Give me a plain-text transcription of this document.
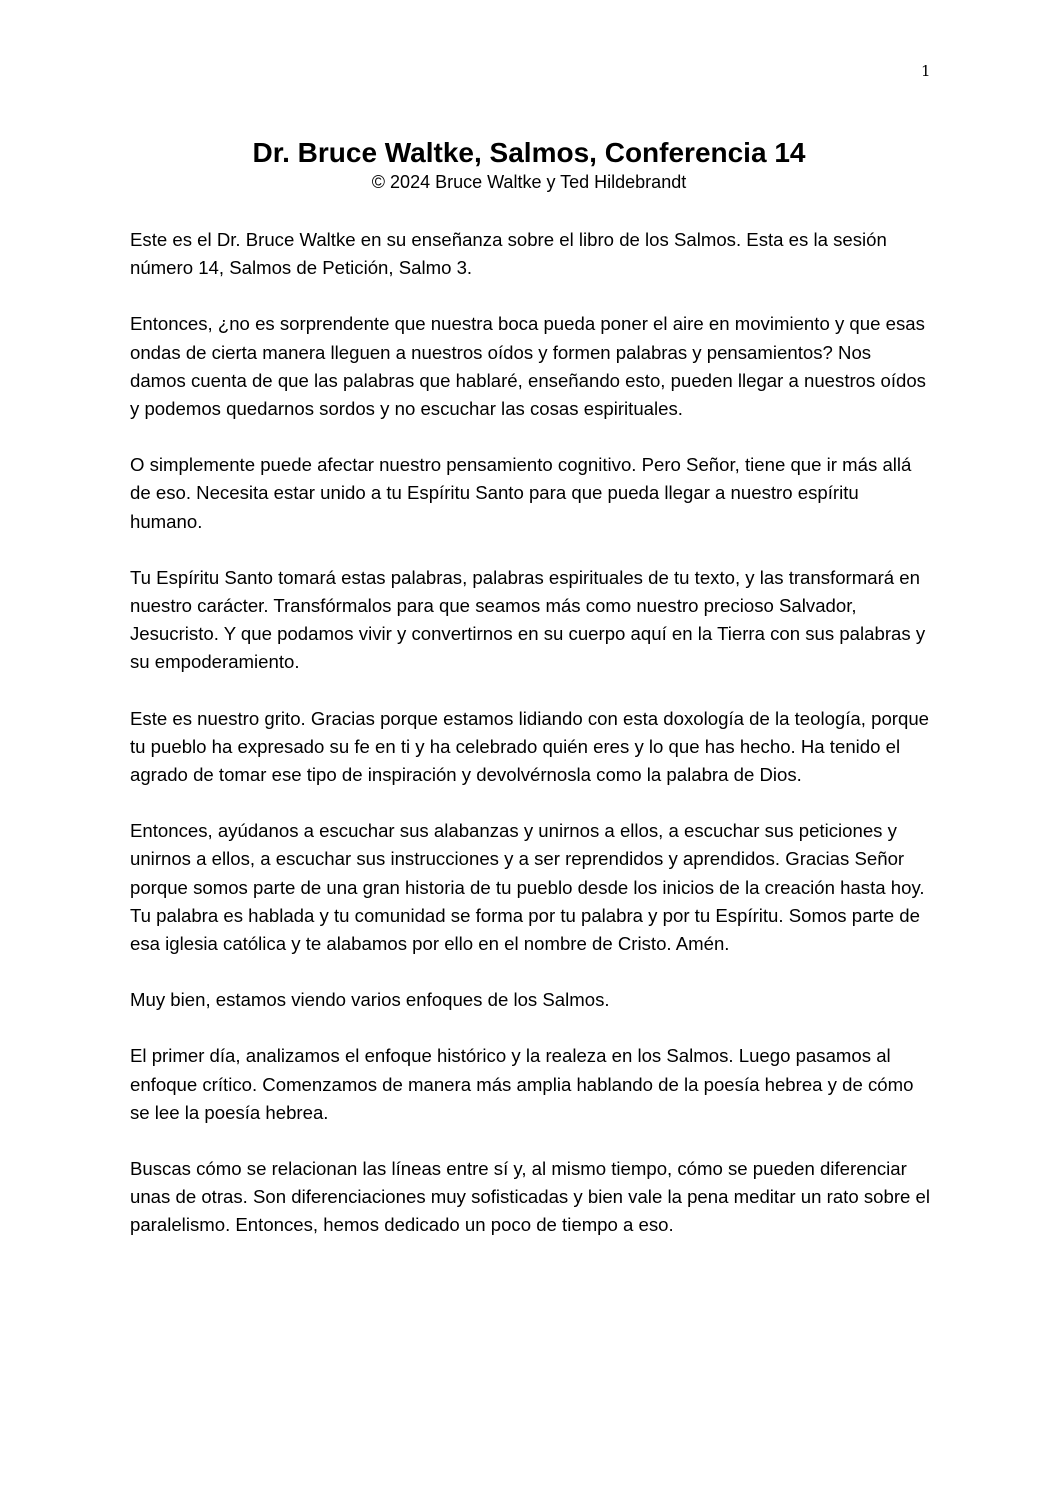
1
Dr. Bruce Waltke, Salmos, Conferencia 14

© 2024 Bruce Waltke y Ted Hildebrandt

Este es el Dr. Bruce Waltke en su enseñanza sobre el libro de los Salmos. Esta es la sesión número 14, Salmos de Petición, Salmo 3.

Entonces, ¿no es sorprendente que nuestra boca pueda poner el aire en movimiento y que esas ondas de cierta manera lleguen a nuestros oídos y formen palabras y pensamientos? Nos damos cuenta de que las palabras que hablaré, enseñando esto, pueden llegar a nuestros oídos y podemos quedarnos sordos y no escuchar las cosas espirituales.

O simplemente puede afectar nuestro pensamiento cognitivo. Pero Señor, tiene que ir más allá de eso. Necesita estar unido a tu Espíritu Santo para que pueda llegar a nuestro espíritu humano.

Tu Espíritu Santo tomará estas palabras, palabras espirituales de tu texto, y las transformará en nuestro carácter. Transfórmalos para que seamos más como nuestro precioso Salvador, Jesucristo. Y que podamos vivir y convertirnos en su cuerpo aquí en la Tierra con sus palabras y su empoderamiento.

Este es nuestro grito. Gracias porque estamos lidiando con esta doxología de la teología, porque tu pueblo ha expresado su fe en ti y ha celebrado quién eres y lo que has hecho. Ha tenido el agrado de tomar ese tipo de inspiración y devolvérnosla como la palabra de Dios.

Entonces, ayúdanos a escuchar sus alabanzas y unirnos a ellos, a escuchar sus peticiones y unirnos a ellos, a escuchar sus instrucciones y a ser reprendidos y aprendidos. Gracias Señor porque somos parte de una gran historia de tu pueblo desde los inicios de la creación hasta hoy. Tu palabra es hablada y tu comunidad se forma por tu palabra y por tu Espíritu. Somos parte de esa iglesia católica y te alabamos por ello en el nombre de Cristo. Amén.

Muy bien, estamos viendo varios enfoques de los Salmos.

El primer día, analizamos el enfoque histórico y la realeza en los Salmos. Luego pasamos al enfoque crítico. Comenzamos de manera más amplia hablando de la poesía hebrea y de cómo se lee la poesía hebrea.

Buscas cómo se relacionan las líneas entre sí y, al mismo tiempo, cómo se pueden diferenciar unas de otras. Son diferenciaciones muy sofisticadas y bien vale la pena meditar un rato sobre el paralelismo. Entonces, hemos dedicado un poco de tiempo a eso.
